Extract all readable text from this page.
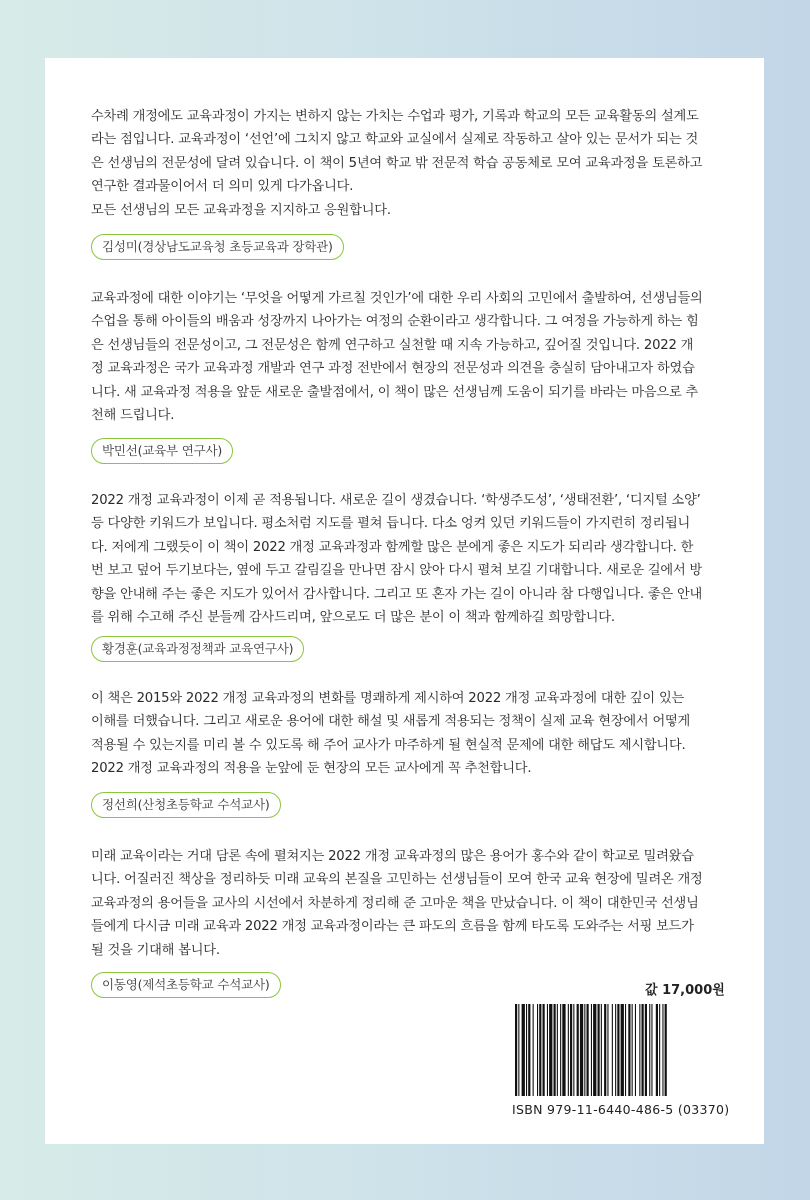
수차례 개정에도 교육과정이 가지는 변하지 않는 가치는 수업과 평가, 기록과 학교의 모든 교육활동의 설계도
라는 점입니다. 교육과정이 ‘선언’에 그치지 않고 학교와 교실에서 실제로 작동하고 살아 있는 문서가 되는 것
은 선생님의 전문성에 달려 있습니다. 이 책이 5년여 학교 밖 전문적 학습 공동체로 모여 교육과정을 토론하고
연구한 결과물이어서 더 의미 있게 다가옵니다.
모든 선생님의 모든 교육과정을 지지하고 응원합니다.

김성미(경상남도교육청 초등교육과 장학관)

교육과정에 대한 이야기는 ‘무엇을 어떻게 가르칠 것인가’에 대한 우리 사회의 고민에서 출발하여, 선생님들의
수업을 통해 아이들의 배움과 성장까지 나아가는 여정의 순환이라고 생각합니다. 그 여정을 가능하게 하는 힘
은 선생님들의 전문성이고, 그 전문성은 함께 연구하고 실천할 때 지속 가능하고, 깊어질 것입니다. 2022 개
정 교육과정은 국가 교육과정 개발과 연구 과정 전반에서 현장의 전문성과 의견을 충실히 담아내고자 하였습
니다. 새 교육과정 적용을 앞둔 새로운 출발점에서, 이 책이 많은 선생님께 도움이 되기를 바라는 마음으로 추
천해 드립니다.

박민선(교육부 연구사)

2022 개정 교육과정이 이제 곧 적용됩니다. 새로운 길이 생겼습니다. ‘학생주도성’, ‘생태전환’, ‘디지털 소양’
등 다양한 키워드가 보입니다. 평소처럼 지도를 펼쳐 듭니다. 다소 엉켜 있던 키워드들이 가지런히 정리됩니
다. 저에게 그랬듯이 이 책이 2022 개정 교육과정과 함께할 많은 분에게 좋은 지도가 되리라 생각합니다. 한
번 보고 덮어 두기보다는, 옆에 두고 갈림길을 만나면 잠시 앉아 다시 펼쳐 보길 기대합니다. 새로운 길에서 방
향을 안내해 주는 좋은 지도가 있어서 감사합니다. 그리고 또 혼자 가는 길이 아니라 참 다행입니다. 좋은 안내
를 위해 수고해 주신 분들께 감사드리며, 앞으로도 더 많은 분이 이 책과 함께하길 희망합니다.

황경훈(교육과정정책과 교육연구사)

이 책은 2015와 2022 개정 교육과정의 변화를 명쾌하게 제시하여 2022 개정 교육과정에 대한 깊이 있는
이해를 더했습니다. 그리고 새로운 용어에 대한 해설 및 새롭게 적용되는 정책이 실제 교육 현장에서 어떻게
적용될 수 있는지를 미리 볼 수 있도록 해 주어 교사가 마주하게 될 현실적 문제에 대한 해답도 제시합니다.
2022 개정 교육과정의 적용을 눈앞에 둔 현장의 모든 교사에게 꼭 추천합니다.

정선희(산청초등학교 수석교사)

미래 교육이라는 거대 담론 속에 펼쳐지는 2022 개정 교육과정의 많은 용어가 홍수와 같이 학교로 밀려왔습
니다. 어질러진 책상을 정리하듯 미래 교육의 본질을 고민하는 선생님들이 모여 한국 교육 현장에 밀려온 개정
교육과정의 용어들을 교사의 시선에서 차분하게 정리해 준 고마운 책을 만났습니다. 이 책이 대한민국 선생님
들에게 다시금 미래 교육과 2022 개정 교육과정이라는 큰 파도의 흐름을 함께 타도록 도와주는 서핑 보드가
될 것을 기대해 봅니다.

이동영(제석초등학교 수석교사)	값 17,000원
ISBN 979-11-6440-486-5 (03370)
